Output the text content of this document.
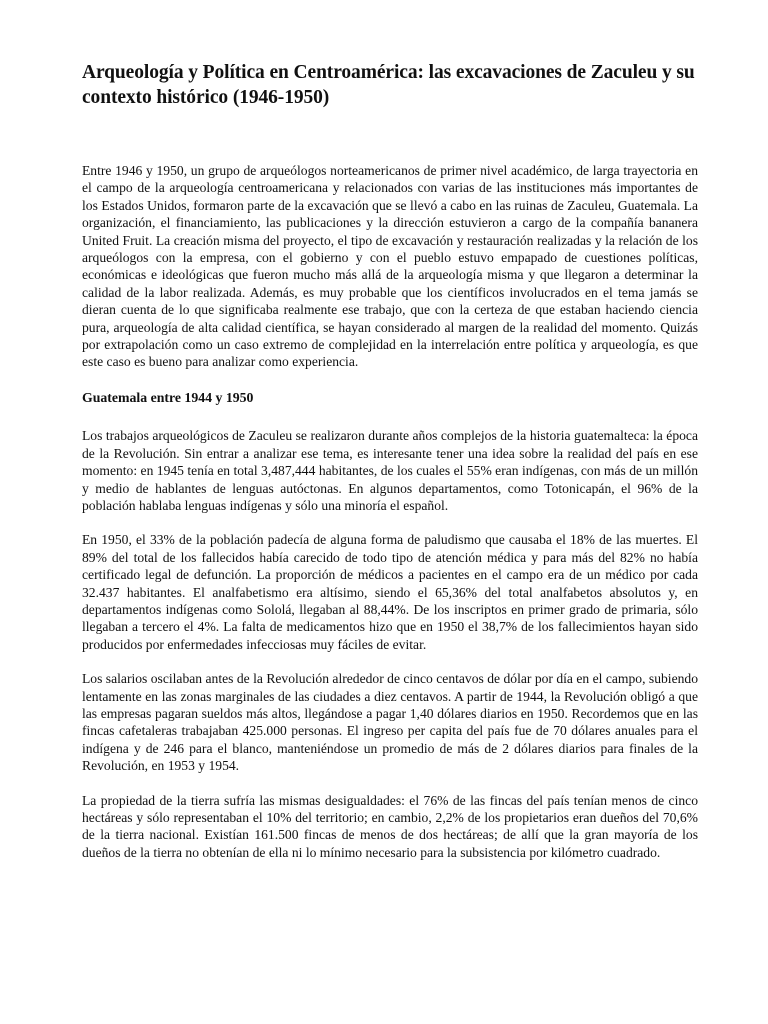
Arqueología y Política en Centroamérica: las excavaciones de Zaculeu y su contexto histórico (1946-1950)

Entre 1946 y 1950, un grupo de arqueólogos norteamericanos de primer nivel académico, de larga trayectoria en el campo de la arqueología centroamericana y relacionados con varias de las instituciones más importantes de los Estados Unidos, formaron parte de la excavación que se llevó a cabo en las ruinas de Zaculeu, Guatemala. La organización, el financiamiento, las publicaciones y la dirección estuvieron a cargo de la compañía bananera United Fruit. La creación misma del proyecto, el tipo de excavación y restauración realizadas y la relación de los arqueólogos con la empresa, con el gobierno y con el pueblo estuvo empapado de cuestiones políticas, económicas e ideológicas que fueron mucho más allá de la arqueología misma y que llegaron a determinar la calidad de la labor realizada. Además, es muy probable que los científicos involucrados en el tema jamás se dieran cuenta de lo que significaba realmente ese trabajo, que con la certeza de que estaban haciendo ciencia pura, arqueología de alta calidad científica, se hayan considerado al margen de la realidad del momento. Quizás por extrapolación como un caso extremo de complejidad en la interrelación entre política y arqueología, es que este caso es bueno para analizar como experiencia.

Guatemala entre 1944 y 1950

Los trabajos arqueológicos de Zaculeu se realizaron durante años complejos de la historia guatemalteca: la época de la Revolución. Sin entrar a analizar ese tema, es interesante tener una idea sobre la realidad del país en ese momento: en 1945 tenía en total 3,487,444 habitantes, de los cuales el 55% eran indígenas, con más de un millón y medio de hablantes de lenguas autóctonas. En algunos departamentos, como Totonicapán, el 96% de la población hablaba lenguas indígenas y sólo una minoría el español.

En 1950, el 33% de la población padecía de alguna forma de paludismo que causaba el 18% de las muertes. El 89% del total de los fallecidos había carecido de todo tipo de atención médica y para más del 82% no había certificado legal de defunción. La proporción de médicos a pacientes en el campo era de un médico por cada 32.437 habitantes. El analfabetismo era altísimo, siendo el 65,36% del total analfabetos absolutos y, en departamentos indígenas como Sololá, llegaban al 88,44%. De los inscriptos en primer grado de primaria, sólo llegaban a tercero el 4%. La falta de medicamentos hizo que en 1950 el 38,7% de los fallecimientos hayan sido producidos por enfermedades infecciosas muy fáciles de evitar.

Los salarios oscilaban antes de la Revolución alrededor de cinco centavos de dólar por día en el campo, subiendo lentamente en las zonas marginales de las ciudades a diez centavos. A partir de 1944, la Revolución obligó a que las empresas pagaran sueldos más altos, llegándose a pagar 1,40 dólares diarios en 1950. Recordemos que en las fincas cafetaleras trabajaban 425.000 personas. El ingreso per capita del país fue de 70 dólares anuales para el indígena y de 246 para el blanco, manteniéndose un promedio de más de 2 dólares diarios para finales de la Revolución, en 1953 y 1954.

La propiedad de la tierra sufría las mismas desigualdades: el 76% de las fincas del país tenían menos de cinco hectáreas y sólo representaban el 10% del territorio; en cambio, 2,2% de los propietarios eran dueños del 70,6% de la tierra nacional. Existían 161.500 fincas de menos de dos hectáreas; de allí que la gran mayoría de los dueños de la tierra no obtenían de ella ni lo mínimo necesario para la subsistencia por kilómetro cuadrado.
